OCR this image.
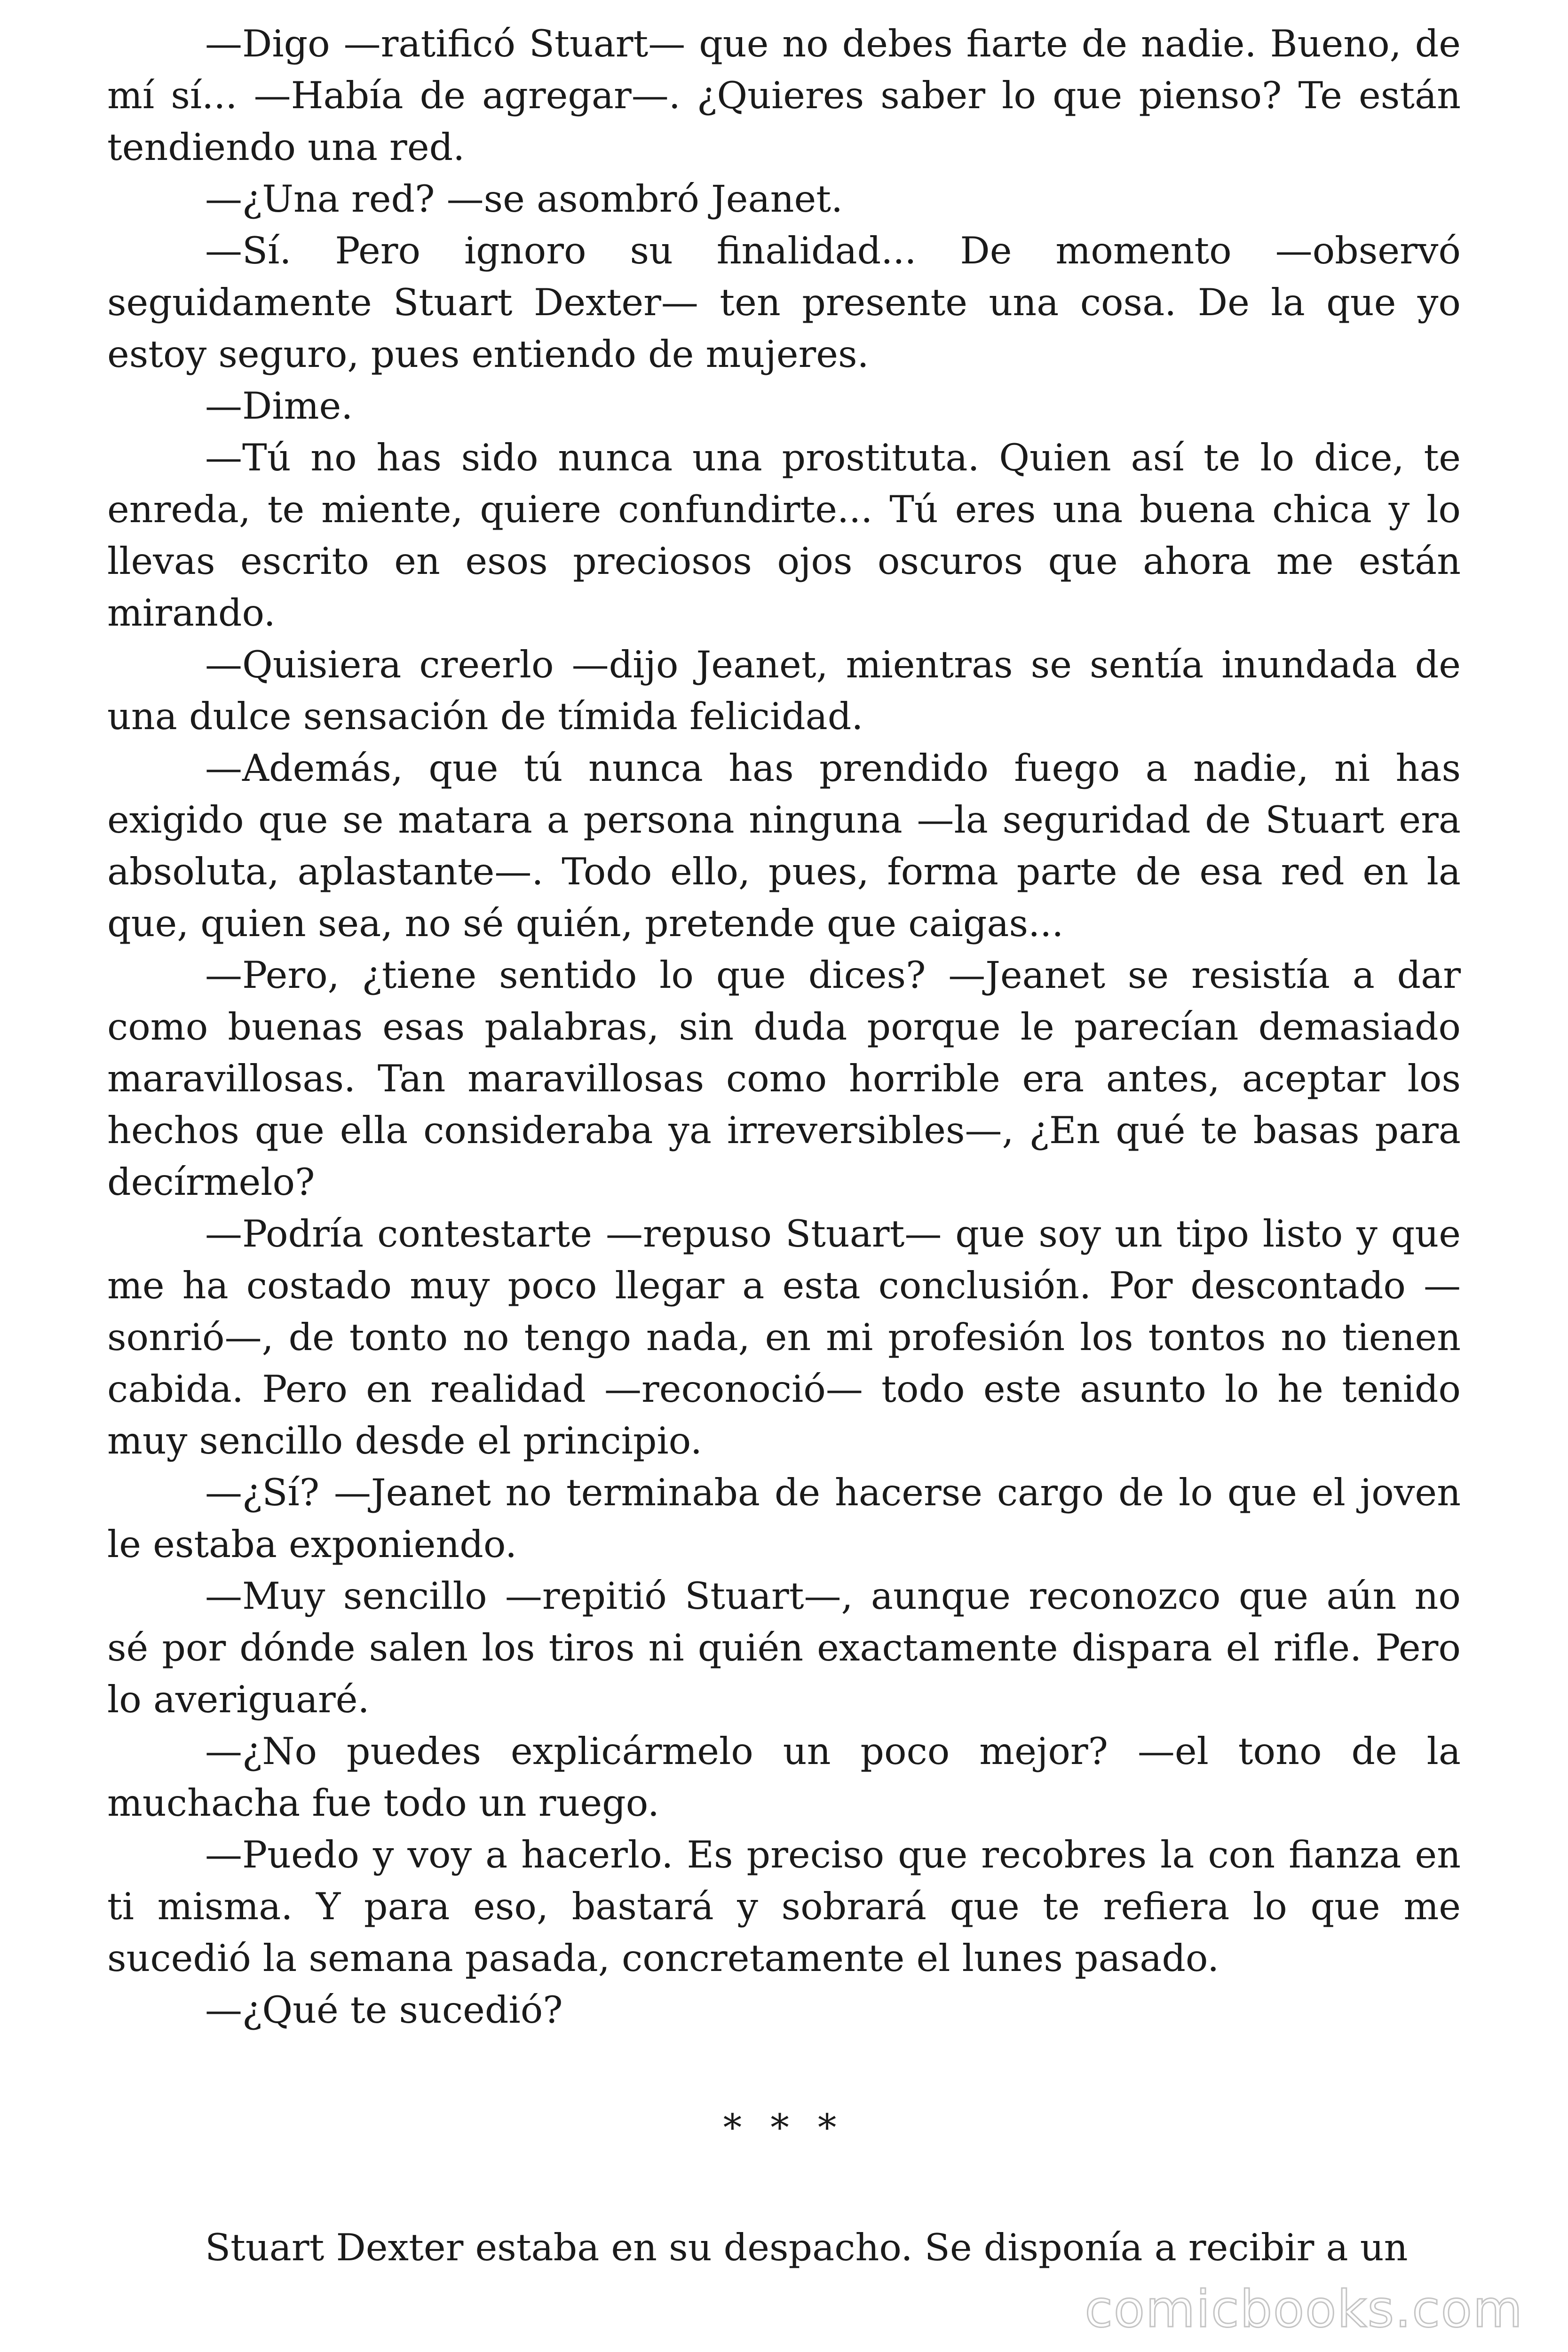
—Digo —ratificó Stuart— que no debes fiarte de nadie. Bueno, de mí sí... —Había de agregar—. ¿Quieres saber lo que pienso? Te están tendiendo una red.

—¿Una red? —se asombró Jeanet.

—Sí. Pero ignoro su finalidad... De momento —observó seguidamente Stuart Dexter— ten presente una cosa. De la que yo estoy seguro, pues entiendo de mujeres.

—Dime.

—Tú no has sido nunca una prostituta. Quien así te lo dice, te enreda, te miente, quiere confundirte... Tú eres una buena chica y lo llevas escrito en esos preciosos ojos oscuros que ahora me están mirando.

—Quisiera creerlo —dijo Jeanet, mientras se sentía inundada de una dulce sensación de tímida felicidad.

—Además, que tú nunca has prendido fuego a nadie, ni has exigido que se matara a persona ninguna —la seguridad de Stuart era absoluta, aplastante—. Todo ello, pues, forma parte de esa red en la que, quien sea, no sé quién, pretende que caigas...

—Pero, ¿tiene sentido lo que dices? —Jeanet se resistía a dar como buenas esas palabras, sin duda porque le parecían demasiado maravillosas. Tan maravillosas como horrible era antes, aceptar los hechos que ella consideraba ya irreversibles—, ¿En qué te basas para decírmelo?

—Podría contestarte —repuso Stuart— que soy un tipo listo y que me ha costado muy poco llegar a esta conclusión. Por descontado —sonrió—, de tonto no tengo nada, en mi profesión los tontos no tienen cabida. Pero en realidad —reconoció— todo este asunto lo he tenido muy sencillo desde el principio.

—¿Sí? —Jeanet no terminaba de hacerse cargo de lo que el joven le estaba exponiendo.

—Muy sencillo —repitió Stuart—, aunque reconozco que aún no sé por dónde salen los tiros ni quién exactamente dispara el rifle. Pero lo averiguaré.

—¿No puedes explicármelo un poco mejor? —el tono de la muchacha fue todo un ruego.

—Puedo y voy a hacerlo. Es preciso que recobres la con fianza en ti misma. Y para eso, bastará y sobrará que te refiera lo que me sucedió la semana pasada, concretamente el lunes pasado.

—¿Qué te sucedió?

* * *

Stuart Dexter estaba en su despacho. Se disponía a recibir a un

comicbooks.com
